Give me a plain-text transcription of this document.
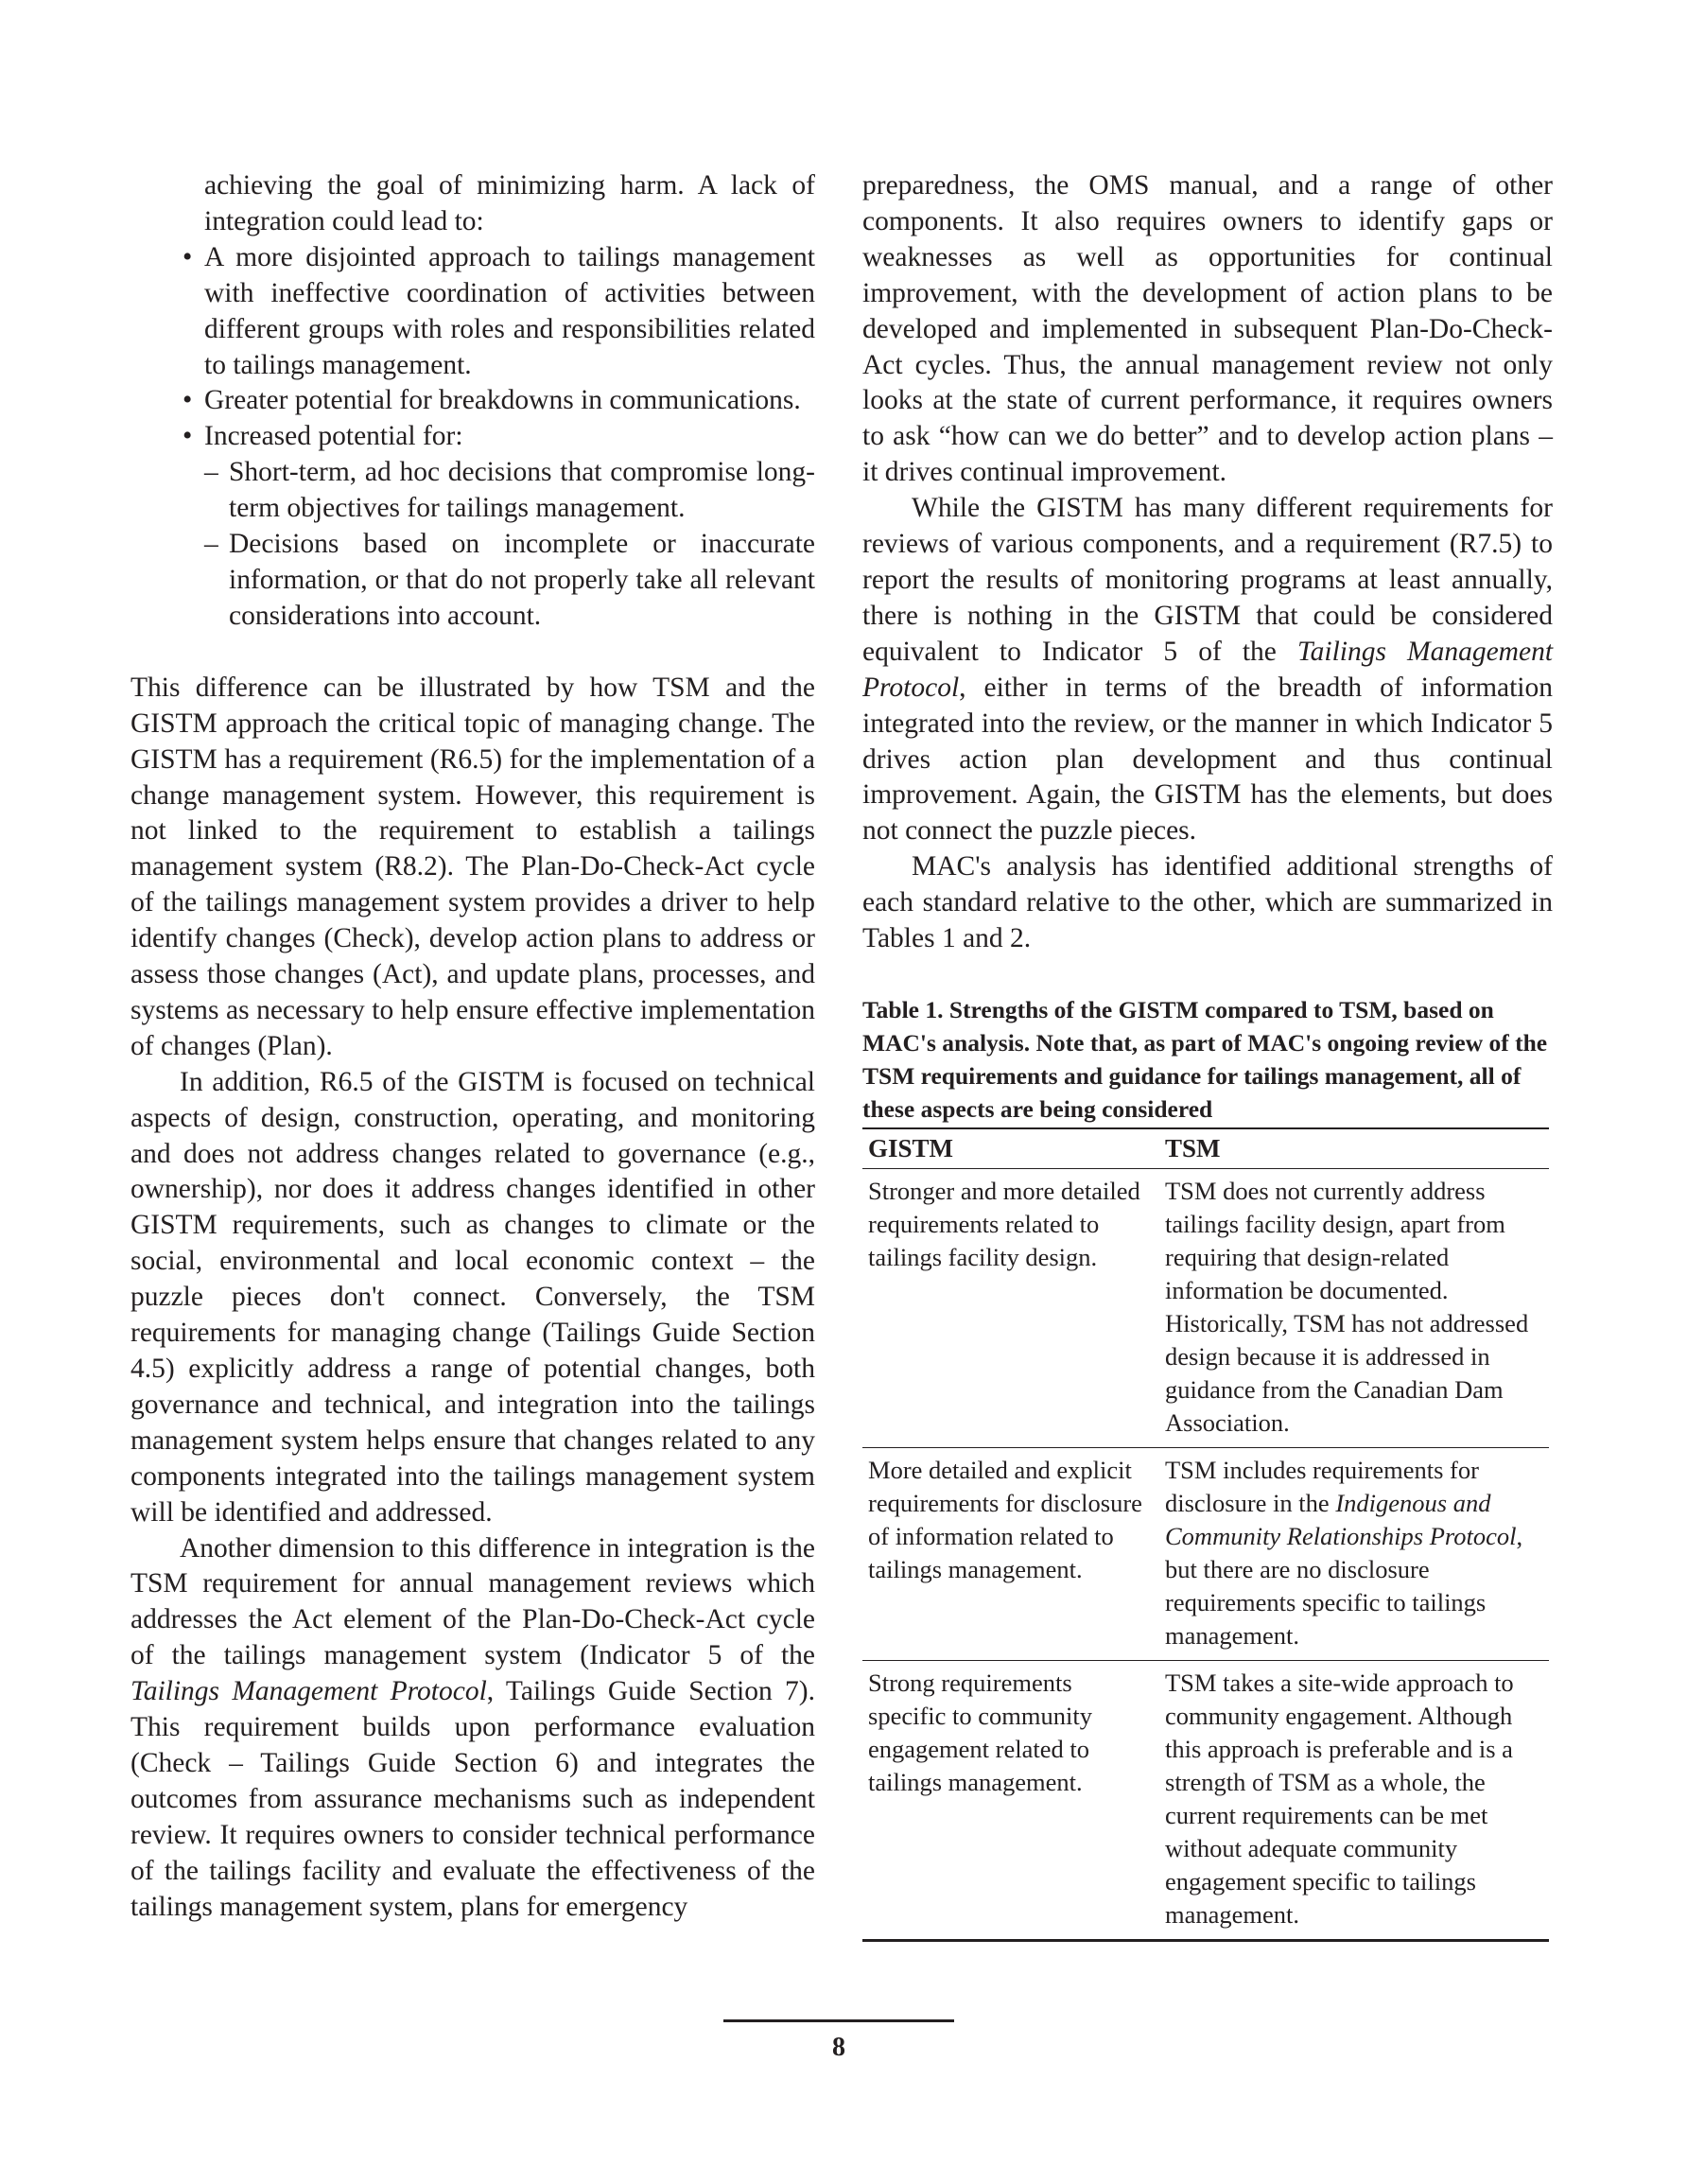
achieving the goal of minimizing harm. A lack of integration could lead to:

• A more disjointed approach to tailings management with ineffective coordination of activities between different groups with roles and responsibilities related to tailings management.
• Greater potential for breakdowns in communications.
• Increased potential for:
– Short-term, ad hoc decisions that compromise long-term objectives for tailings management.
– Decisions based on incomplete or inaccurate information, or that do not properly take all relevant considerations into account.

This difference can be illustrated by how TSM and the GISTM approach the critical topic of managing change. The GISTM has a requirement (R6.5) for the implementation of a change management system. However, this requirement is not linked to the requirement to establish a tailings management system (R8.2). The Plan-Do-Check-Act cycle of the tailings management system provides a driver to help identify changes (Check), develop action plans to address or assess those changes (Act), and update plans, processes, and systems as necessary to help ensure effective implementation of changes (Plan).

In addition, R6.5 of the GISTM is focused on technical aspects of design, construction, operating, and monitoring and does not address changes related to governance (e.g., ownership), nor does it address changes identified in other GISTM requirements, such as changes to climate or the social, environmental and local economic context – the puzzle pieces don't connect. Conversely, the TSM requirements for managing change (Tailings Guide Section 4.5) explicitly address a range of potential changes, both governance and technical, and integration into the tailings management system helps ensure that changes related to any components integrated into the tailings management system will be identified and addressed.

Another dimension to this difference in integration is the TSM requirement for annual management reviews which addresses the Act element of the Plan-Do-Check-Act cycle of the tailings management system (Indicator 5 of the Tailings Management Protocol, Tailings Guide Section 7). This requirement builds upon performance evaluation (Check – Tailings Guide Section 6) and integrates the outcomes from assurance mechanisms such as independent review. It requires owners to consider technical performance of the tailings facility and evaluate the effectiveness of the tailings management system, plans for emergency

preparedness, the OMS manual, and a range of other components. It also requires owners to identify gaps or weaknesses as well as opportunities for continual improvement, with the development of action plans to be developed and implemented in subsequent Plan-Do-Check-Act cycles. Thus, the annual management review not only looks at the state of current performance, it requires owners to ask “how can we do better” and to develop action plans – it drives continual improvement.

While the GISTM has many different requirements for reviews of various components, and a requirement (R7.5) to report the results of monitoring programs at least annually, there is nothing in the GISTM that could be considered equivalent to Indicator 5 of the Tailings Management Protocol, either in terms of the breadth of information integrated into the review, or the manner in which Indicator 5 drives action plan development and thus continual improvement. Again, the GISTM has the elements, but does not connect the puzzle pieces.

MAC's analysis has identified additional strengths of each standard relative to the other, which are summarized in Tables 1 and 2.

Table 1. Strengths of the GISTM compared to TSM, based on MAC's analysis. Note that, as part of MAC's ongoing review of the TSM requirements and guidance for tailings management, all of these aspects are being considered
GISTM	TSM
Stronger and more detailed requirements related to tailings facility design.	TSM does not currently address tailings facility design, apart from requiring that design-related information be documented. Historically, TSM has not addressed design because it is addressed in guidance from the Canadian Dam Association.
More detailed and explicit requirements for disclosure of information related to tailings management.	TSM includes requirements for disclosure in the Indigenous and Community Relationships Protocol, but there are no disclosure requirements specific to tailings management.
Strong requirements specific to community engagement related to tailings management.	TSM takes a site-wide approach to community engagement. Although this approach is preferable and is a strength of TSM as a whole, the current requirements can be met without adequate community engagement specific to tailings management.
8
